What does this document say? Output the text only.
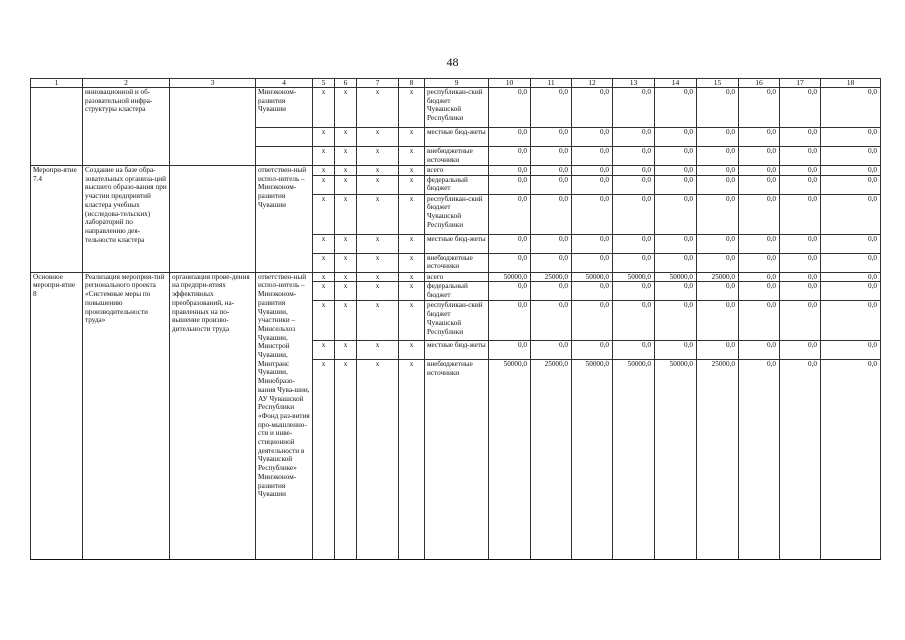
48
1	2	3	4	5	6	7	8	9	10	11	12	13	14	15	16	17	18
	инновационной и об-разовательной инфра-структуры кластера		Минэконом-развития Чувашии	х	х	х	х	республикан-ский бюджет Чувашской Республики	0,0	0,0	0,0	0,0	0,0	0,0	0,0	0,0	0,0
				х	х	х	х	местные бюд-жеты	0,0	0,0	0,0	0,0	0,0	0,0	0,0	0,0	0,0
				х	х	х	х	внебюджетные источники	0,0	0,0	0,0	0,0	0,0	0,0	0,0	0,0	0,0
Меропри-ятие 7.4	Создание на базе обра-зовательных организа-ций высшего образо-вания при участии предприятий кластера учебных (исследова-тельских) лабораторий по направлению дея-тельности кластера		ответствен-ный испол-нитель – Минэконом-развития Чувашии	х	х	х	х	всего	0,0	0,0	0,0	0,0	0,0	0,0	0,0	0,0	0,0
				х	х	х	х	федеральный бюджет	0,0	0,0	0,0	0,0	0,0	0,0	0,0	0,0	0,0
				х	х	х	х	республикан-ский бюджет Чувашской Республики	0,0	0,0	0,0	0,0	0,0	0,0	0,0	0,0	0,0
				х	х	х	х	местные бюд-жеты	0,0	0,0	0,0	0,0	0,0	0,0	0,0	0,0	0,0
				х	х	х	х	внебюджетные источники	0,0	0,0	0,0	0,0	0,0	0,0	0,0	0,0	0,0
Основное меропри-ятие 8	Реализация мероприя-тий регионального проекта «Системные меры по повышению производительности труда»	организация прове-дения на предпри-ятиях эффективных преобразований, на-правленных на по-вышение произво-дительности труда	ответствен-ный испол-нитель – Минэконом-развития Чувашии, участники – Минсельхоз Чувашии, Минстрой Чувашии, Минтранс Чувашии, Минобразо-вания Чува-шии, АУ Чувашской Республики «Фонд раз-вития про-мышленно-сти и инве-стиционной деятельности в Чувашской Республике» Минэконом-развития Чувашии	х	х	х	х	всего	50000,0	25000,0	50000,0	50000,0	50000,0	25000,0	0,0	0,0	0,0
				х	х	х	х	федеральный бюджет	0,0	0,0	0,0	0,0	0,0	0,0	0,0	0,0	0,0
				х	х	х	х	республикан-ский бюджет Чувашской Республики	0,0	0,0	0,0	0,0	0,0	0,0	0,0	0,0	0,0
				х	х	х	х	местные бюд-жеты	0,0	0,0	0,0	0,0	0,0	0,0	0,0	0,0	0,0
				х	х	х	х	внебюджетные источники	50000,0	25000,0	50000,0	50000,0	50000,0	25000,0	0,0	0,0	0,0
